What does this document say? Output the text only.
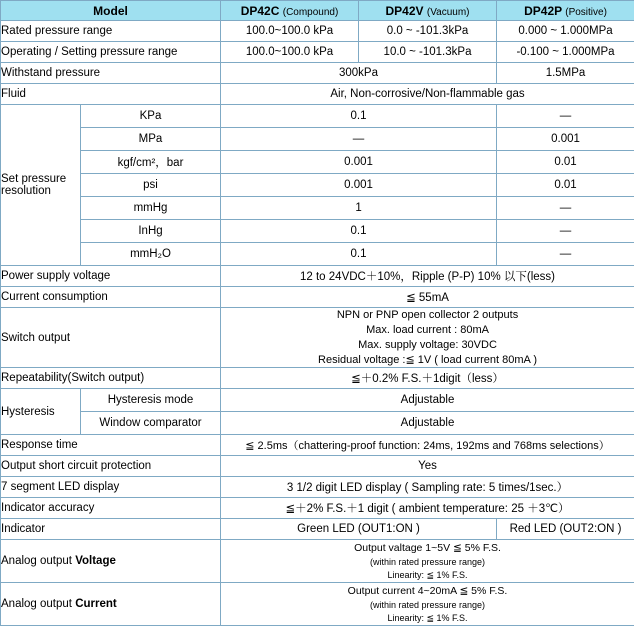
Model		DP42C (Compound)	DP42V (Vacuum)	DP42P (Positive)
Rated pressure range		100.0~100.0 kPa	0.0 ~ -101.3kPa	0.000 ~ 1.000MPa
Operating / Setting pressure range		100.0~100.0 kPa	10.0 ~ -101.3kPa	-0.100 ~ 1.000MPa
Withstand pressure		300kPa		1.5MPa
Fluid		Air, Non-corrosive/Non-flammable gas		

Set pressure
resolution	KPa	0.1		—
	MPa	—		0.001
	kgf/cm²，bar	0.001		0.01
	psi	0.001		0.01
	mmHg	1		—
	InHg	0.1		—
	mmH₂O	0.1		—
Power supply voltage		12 to 24VDC＋10%，Ripple (P-P) 10% 以下(less)		
Current consumption		≦ 55mA		
Switch output		NPN or PNP open collector 2 outputs
Max. load current : 80mA
Max. supply voltage: 30VDC
Residual voltage :≦ 1V ( load current 80mA )		

Repeatability(Switch output)		≦＋0.2% F.S.＋1digit（less）		
Hysteresis	Hysteresis mode	Adjustable		
	Window comparator	Adjustable		
Response time		≦ 2.5ms（chattering-proof function: 24ms, 192ms and 768ms selections）		
Output short circuit protection		Yes		
7 segment LED display		3 1/2 digit LED display ( Sampling rate: 5 times/1sec.）		
Indicator accuracy		≦＋2% F.S.＋1 digit ( ambient temperature: 25 ＋3℃）		
Indicator		Green LED (OUT1:ON )		Red LED (OUT2:ON )
Analog output Voltage		Output valtage 1~5V ≦ 5% F.S.
(within rated pressure range)
Linearity: ≦ 1% F.S.		

Analog output Current		Output current 4~20mA ≦ 5% F.S.
(within rated pressure range)
Linearity: ≦ 1% F.S.		
